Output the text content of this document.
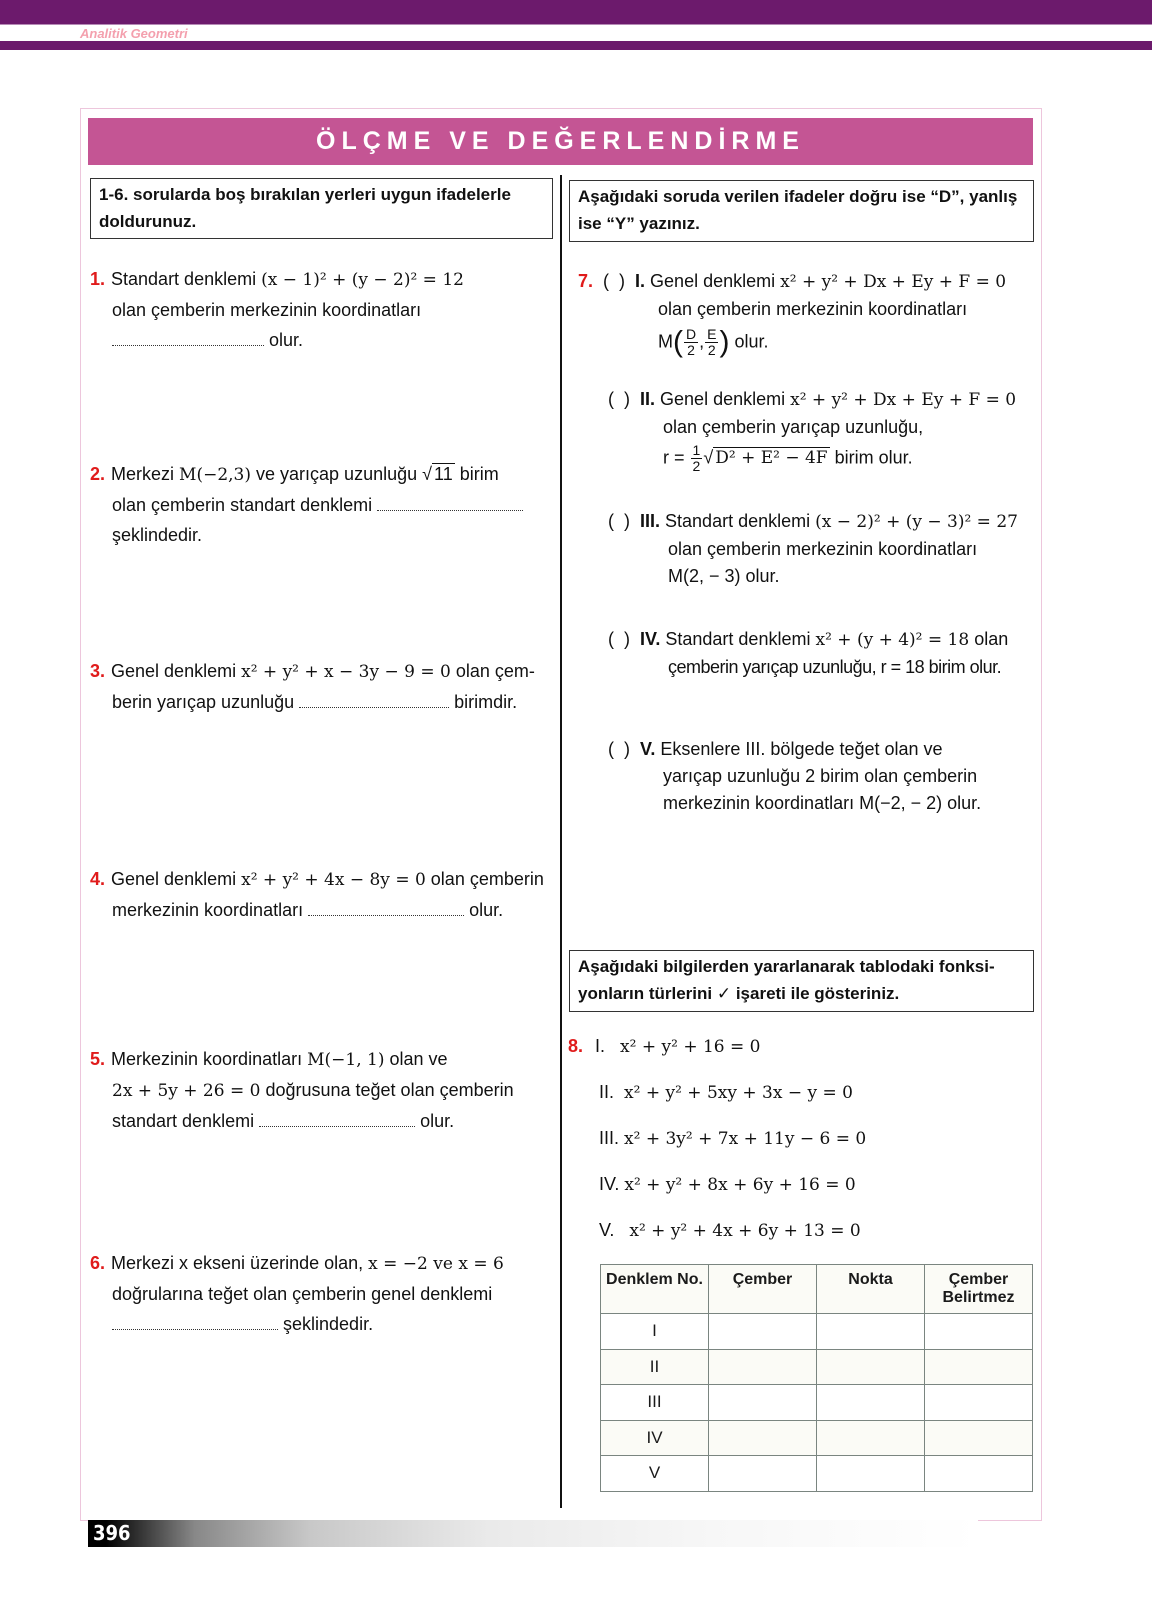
Analitik Geometri
ÖLÇME VE DEĞERLENDİRME
1-6. sorularda boş bırakılan yerleri uygun ifadelerle doldurunuz.
1. Standart denklemi (x − 1)² + (y − 2)² = 12
olan çemberin merkezinin koordinatları
olur.
2. Merkezi M(−2,3) ve yarıçap uzunluğu √ 11 birim
olan çemberin standart denklemi
şeklindedir.
3. Genel denklemi x² + y² + x − 3y − 9 = 0 olan çem-
berin yarıçap uzunluğu	birimdir.
4. Genel denklemi x² + y² + 4x − 8y = 0 olan çemberin
merkezinin koordinatları	olur.
5. Merkezinin koordinatları M(−1, 1) olan ve
2x + 5y + 26 = 0 doğrusuna teğet olan çemberin
standart denklemi	olur.
6. Merkezi x ekseni üzerinde olan, x = −2 ve x = 6
doğrularına teğet olan çemberin genel denklemi
şeklindedir.
Aşağıdaki soruda verilen ifadeler doğru ise “D”, yanlış ise “Y” yazınız.
7. (  ) I. Genel denklemi x² + y² + Dx + Ey + F = 0
olan çemberin merkezinin koordinatları
$M( \frac{D}{2}$ , $\frac{E}{2}$ ) olur.
(  ) II. Genel denklemi x² + y² + Dx + Ey + F = 0
olan çemberin yarıçap uzunluğu,
$r = \frac{1}{2}$ √ D² + E² − 4F birim olur.
(  ) III. Standart denklemi (x − 2)² + (y − 3)² = 27
olan çemberin merkezinin koordinatları
M(2, − 3) olur.
(  ) IV. Standart denklemi x² + (y + 4)² = 18 olan
çemberin yarıçap uzunluğu, r = 18 birim olur.
(  ) V. Eksenlere III. bölgede teğet olan ve
yarıçap uzunluğu 2 birim olan çemberin
merkezinin koordinatları M(−2, − 2) olur.
Aşağıdaki bilgilerden yararlanarak tablodaki fonksi-yonların türlerini ✓ işareti ile gösteriniz.
8. I. x² + y² + 16 = 0
II. x² + y² + 5xy + 3x − y = 0
III. x² + 3y² + 7x + 11y − 6 = 0
IV. x² + y² + 8x + 6y + 16 = 0
V. x² + y² + 4x + 6y + 13 = 0
Denklem No.	Çember	Nokta	Çember Belirtmez
I			
II			
III			
IV			
V			
396
